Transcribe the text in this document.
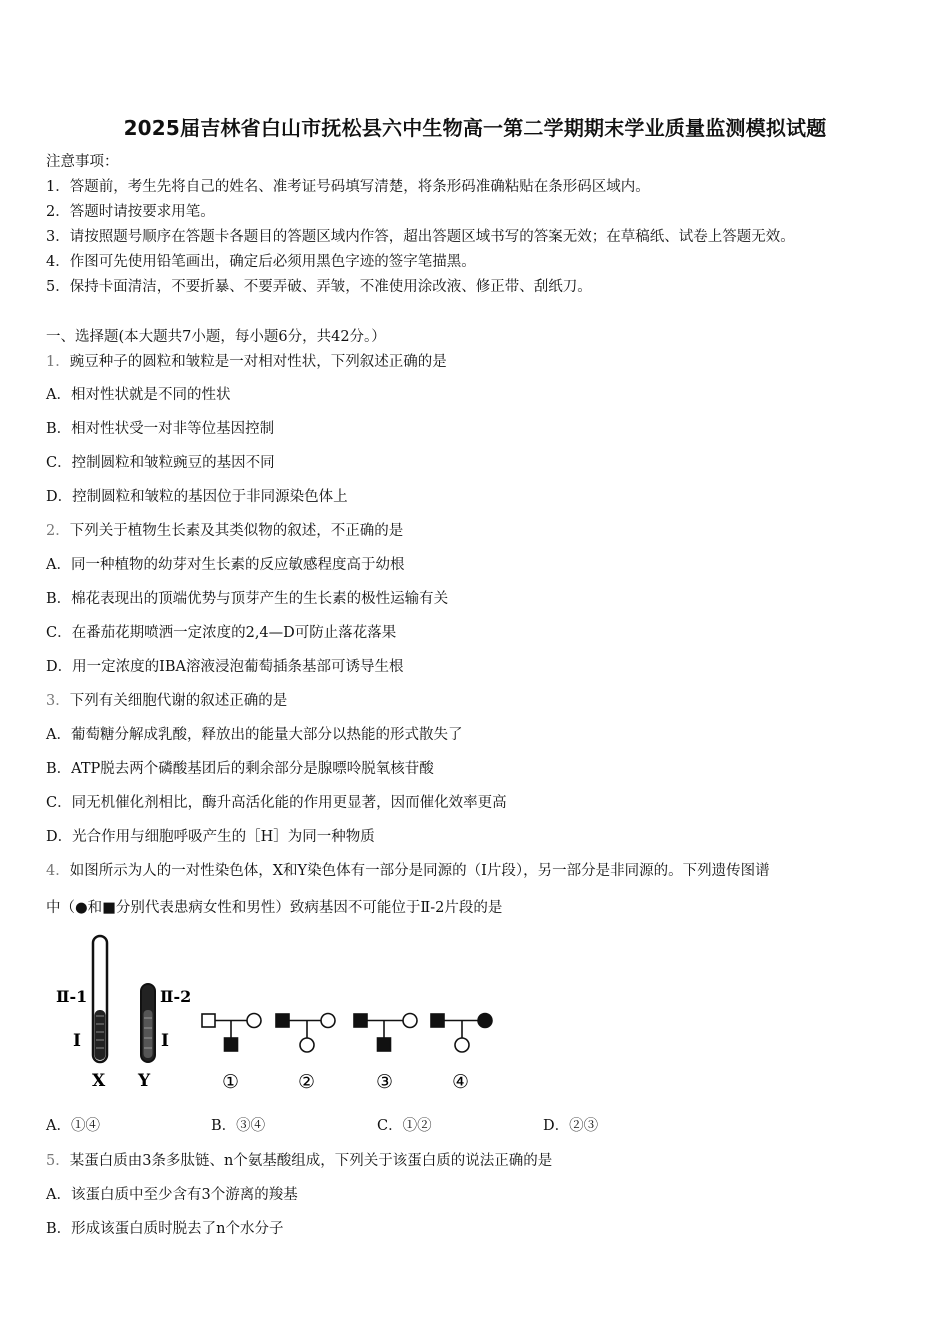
2025届吉林省白山市抚松县六中生物高一第二学期期末学业质量监测模拟试题
注意事项：
1．答题前，考生先将自己的姓名、准考证号码填写清楚，将条形码准确粘贴在条形码区域内。
2．答题时请按要求用笔。
3．请按照题号顺序在答题卡各题目的答题区域内作答，超出答题区域书写的答案无效；在草稿纸、试卷上答题无效。
4．作图可先使用铅笔画出，确定后必须用黑色字迹的签字笔描黑。
5．保持卡面清洁，不要折暴、不要弄破、弄皱，不准使用涂改液、修正带、刮纸刀。
一、选择题(本大题共7小题，每小题6分，共42分。）
1．豌豆种子的圆粒和皱粒是一对相对性状，下列叙述正确的是
A．相对性状就是不同的性状
B．相对性状受一对非等位基因控制
C．控制圆粒和皱粒豌豆的基因不同
D．控制圆粒和皱粒的基因位于非同源染色体上
2．下列关于植物生长素及其类似物的叙述，不正确的是
A．同一种植物的幼芽对生长素的反应敏感程度高于幼根
B．棉花表现出的顶端优势与顶芽产生的生长素的极性运输有关
C．在番茄花期喷洒一定浓度的2,4—D可防止落花落果
D．用一定浓度的IBA溶液浸泡葡萄插条基部可诱导生根
3．下列有关细胞代谢的叙述正确的是
A．葡萄糖分解成乳酸，释放出的能量大部分以热能的形式散失了
B．ATP脱去两个磷酸基团后的剩余部分是腺嘌呤脱氧核苷酸
C．同无机催化剂相比，酶升高活化能的作用更显著，因而催化效率更高
D．光合作用与细胞呼吸产生的［H］为同一种物质
4．如图所示为人的一对性染色体，X和Y染色体有一部分是同源的（Ⅰ片段），另一部分是非同源的。下列遗传图谱
中（●和■分别代表患病女性和男性）致病基因不可能位于Ⅱ-2片段的是
Ⅱ-1	Ⅱ-2
Ⅰ	Ⅰ
X Y	①	②	③	④
A．①④	B．③④	C．①②	D．②③
5．某蛋白质由3条多肽链、n个氨基酸组成，下列关于该蛋白质的说法正确的是
A．该蛋白质中至少含有3个游离的羧基
B．形成该蛋白质时脱去了n个水分子
